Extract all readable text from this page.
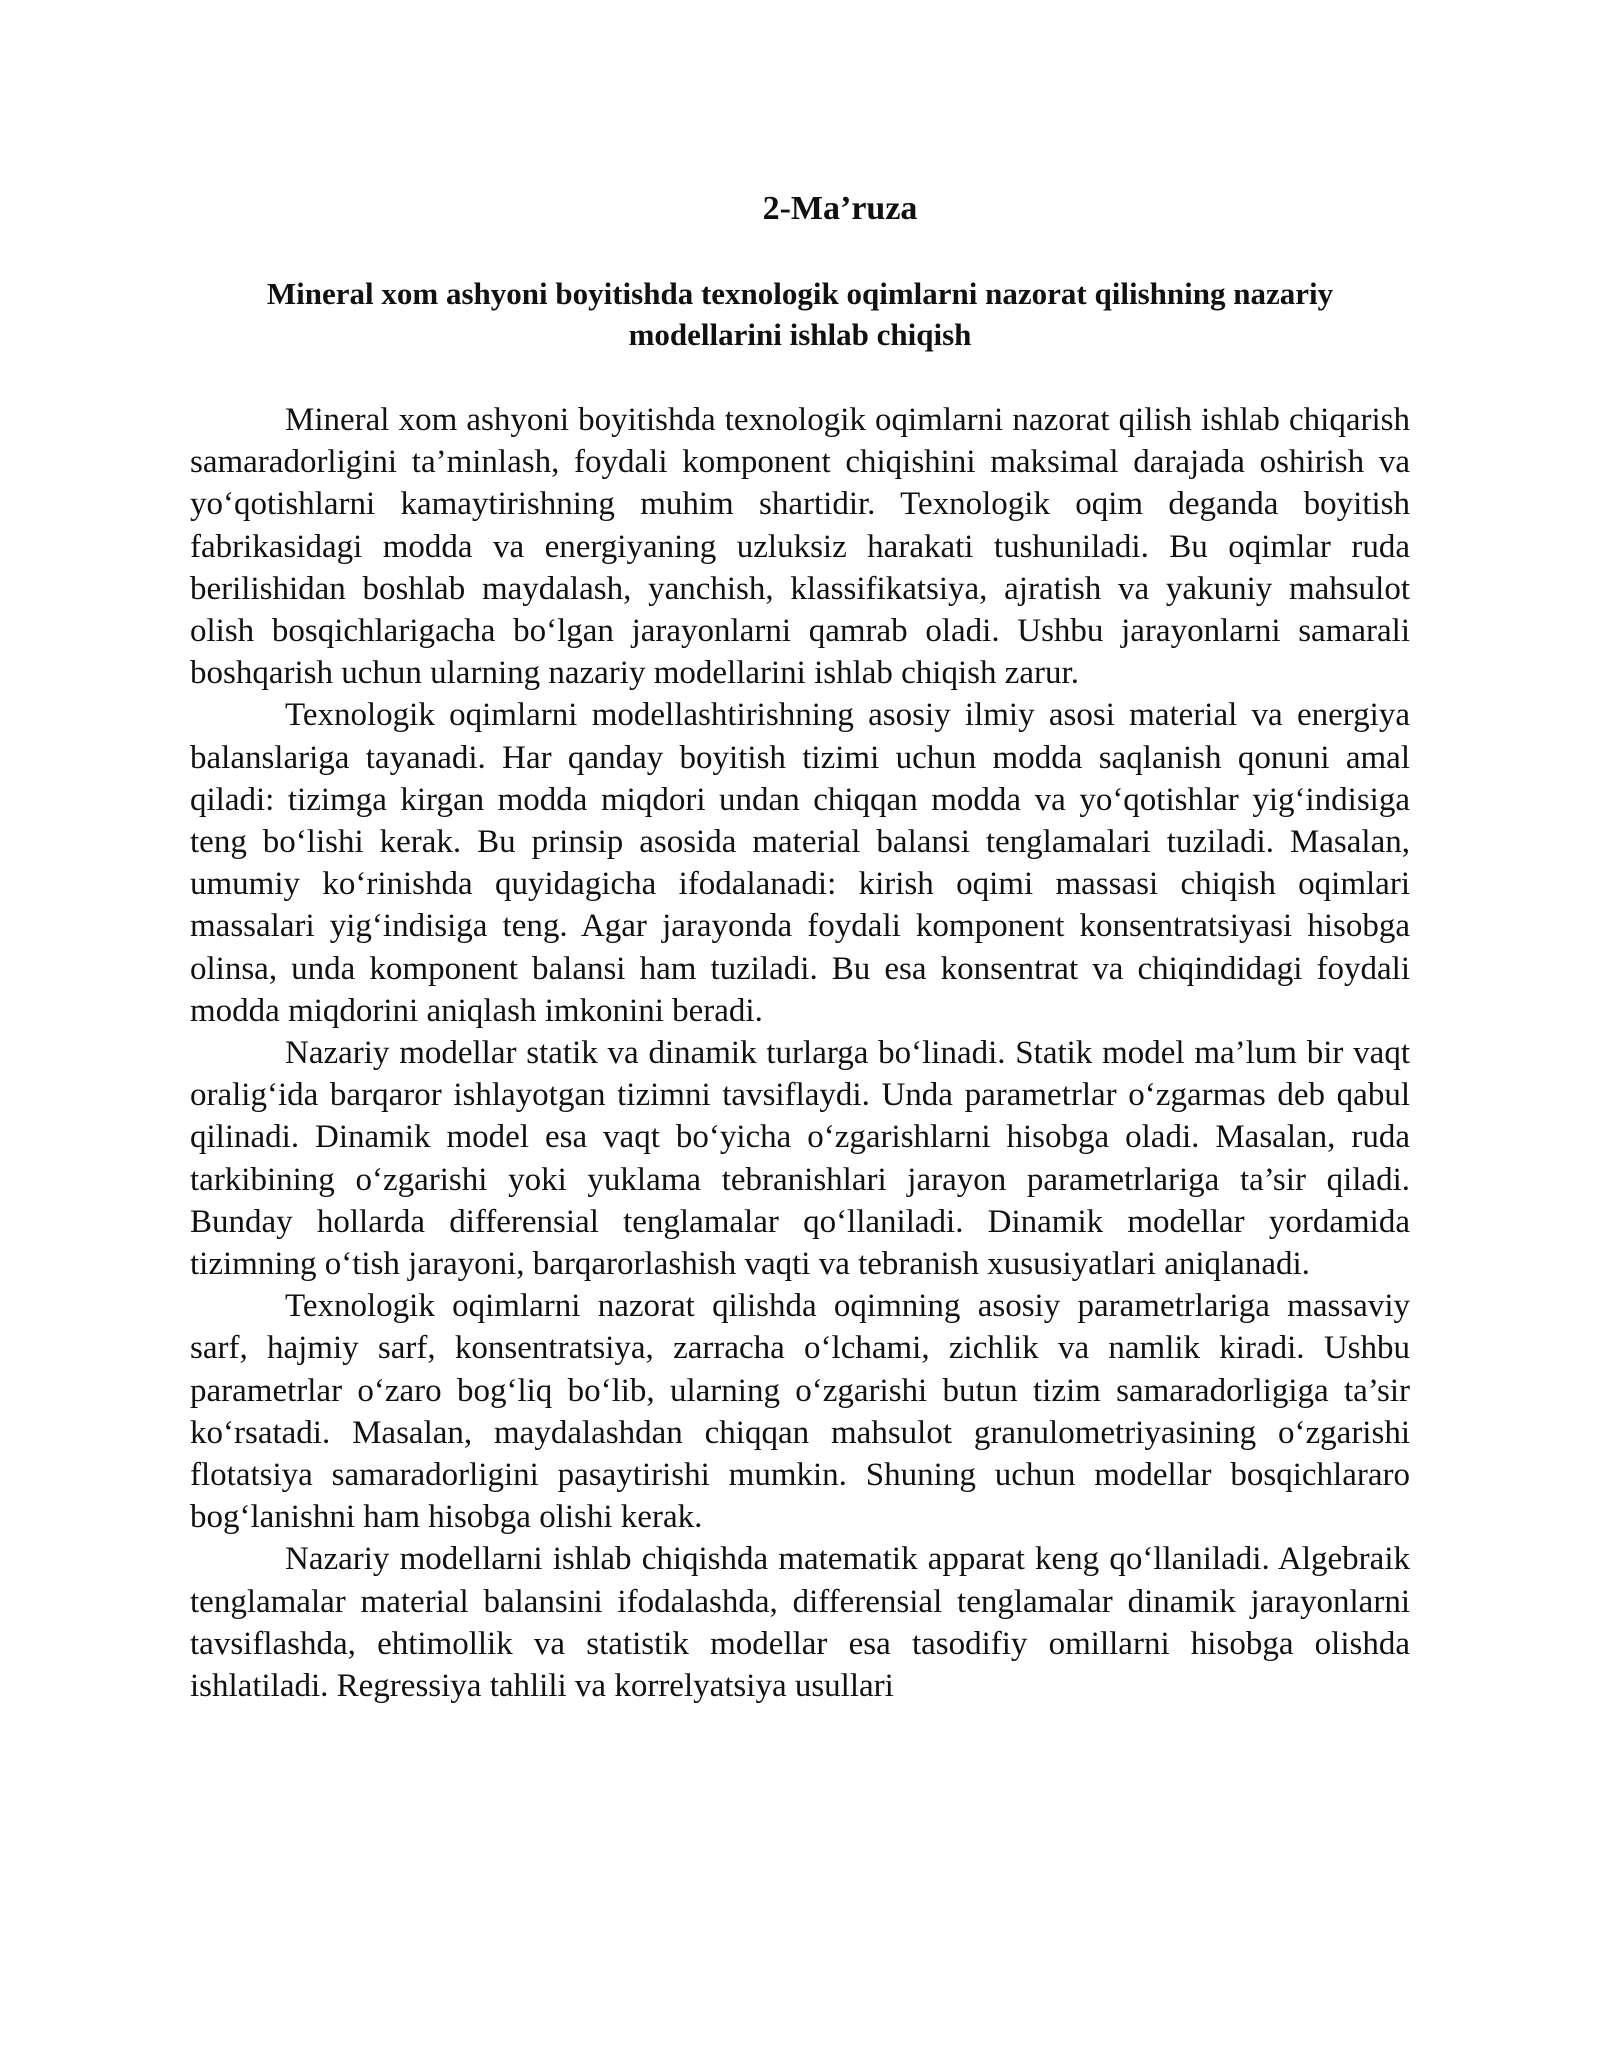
2-Ma’ruza
Mineral xom ashyoni boyitishda texnologik oqimlarni nazorat qilishning nazariy modellarini ishlab chiqish

Mineral xom ashyoni boyitishda texnologik oqimlarni nazorat qilish ishlab chiqarish samaradorligini ta’minlash, foydali komponent chiqishini maksimal darajada oshirish va yo‘qotishlarni kamaytirishning muhim shartidir. Texnologik oqim deganda boyitish fabrikasidagi modda va energiyaning uzluksiz harakati tushuniladi. Bu oqimlar ruda berilishidan boshlab maydalash, yanchish, klassifikatsiya, ajratish va yakuniy mahsulot olish bosqichlarigacha bo‘lgan jarayonlarni qamrab oladi. Ushbu jarayonlarni samarali boshqarish uchun ularning nazariy modellarini ishlab chiqish zarur.

Texnologik oqimlarni modellashtirishning asosiy ilmiy asosi material va energiya balanslariga tayanadi. Har qanday boyitish tizimi uchun modda saqlanish qonuni amal qiladi: tizimga kirgan modda miqdori undan chiqqan modda va yo‘qotishlar yig‘indisiga teng bo‘lishi kerak. Bu prinsip asosida material balansi tenglamalari tuziladi. Masalan, umumiy ko‘rinishda quyidagicha ifodalanadi: kirish oqimi massasi chiqish oqimlari massalari yig‘indisiga teng. Agar jarayonda foydali komponent konsentratsiyasi hisobga olinsa, unda komponent balansi ham tuziladi. Bu esa konsentrat va chiqindidagi foydali modda miqdorini aniqlash imkonini beradi.

Nazariy modellar statik va dinamik turlarga bo‘linadi. Statik model ma’lum bir vaqt oralig‘ida barqaror ishlayotgan tizimni tavsiflaydi. Unda parametrlar o‘zgarmas deb qabul qilinadi. Dinamik model esa vaqt bo‘yicha o‘zgarishlarni hisobga oladi. Masalan, ruda tarkibining o‘zgarishi yoki yuklama tebranishlari jarayon parametrlariga ta’sir qiladi. Bunday hollarda differensial tenglamalar qo‘llaniladi. Dinamik modellar yordamida tizimning o‘tish jarayoni, barqarorlashish vaqti va tebranish xususiyatlari aniqlanadi.

Texnologik oqimlarni nazorat qilishda oqimning asosiy parametrlariga massaviy sarf, hajmiy sarf, konsentratsiya, zarracha o‘lchami, zichlik va namlik kiradi. Ushbu parametrlar o‘zaro bog‘liq bo‘lib, ularning o‘zgarishi butun tizim samaradorligiga ta’sir ko‘rsatadi. Masalan, maydalashdan chiqqan mahsulot granulometriyasining o‘zgarishi flotatsiya samaradorligini pasaytirishi mumkin. Shuning uchun modellar bosqichlararo bog‘lanishni ham hisobga olishi kerak.

Nazariy modellarni ishlab chiqishda matematik apparat keng qo‘llaniladi. Algebraik tenglamalar material balansini ifodalashda, differensial tenglamalar dinamik jarayonlarni tavsiflashda, ehtimollik va statistik modellar esa tasodifiy omillarni hisobga olishda ishlatiladi. Regressiya tahlili va korrelyatsiya usullari
